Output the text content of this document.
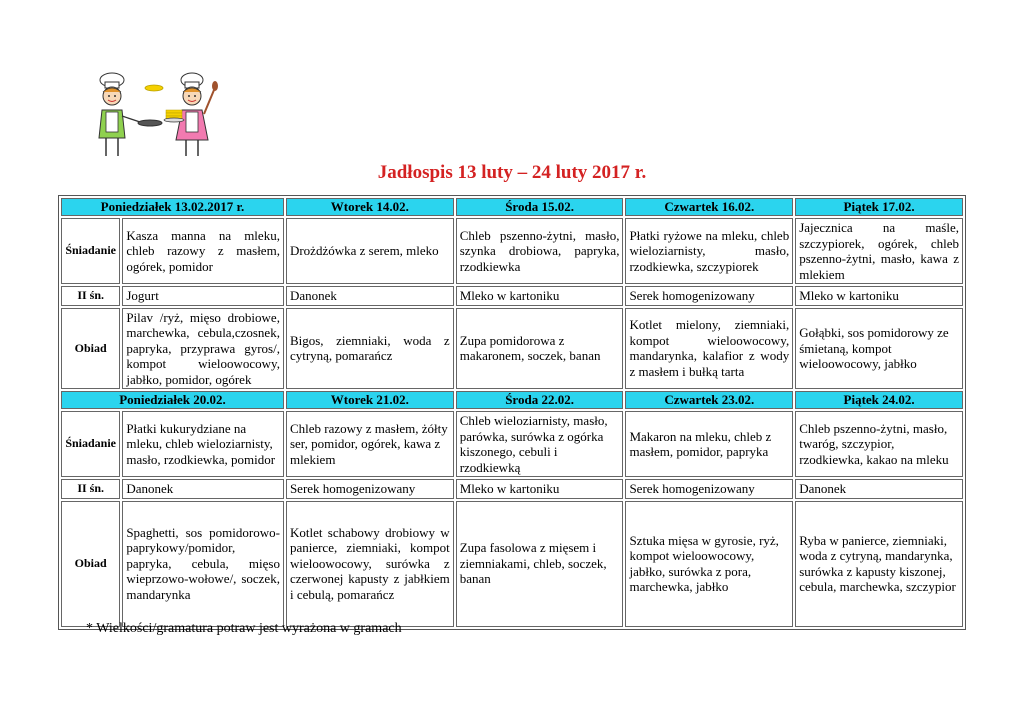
Jadłospis 13 luty – 24 luty 2017 r.
Poniedziałek 13.02.2017 r.		Wtorek 14.02.	Środa 15.02.	Czwartek 16.02.	Piątek 17.02.
Śniadanie	Kasza manna na mleku, chleb razowy z masłem, ogórek, pomidor	Drożdżówka z serem, mleko	Chleb pszenno-żytni, masło, szynka drobiowa, papryka, rzodkiewka	Płatki ryżowe na mleku, chleb wieloziarnisty, masło, rzodkiewka, szczypiorek	Jajecznica na maśle, szczypiorek, ogórek, chleb pszenno-żytni, masło, kawa z mlekiem
II śn.	Jogurt	Danonek	Mleko w kartoniku	Serek homogenizowany	Mleko w kartoniku
Obiad	Pilav /ryż, mięso drobiowe, marchewka, cebula,czosnek, papryka, przyprawa gyros/, kompot wieloowocowy, jabłko, pomidor, ogórek	Bigos, ziemniaki, woda z cytryną, pomarańcz	Zupa pomidorowa z makaronem, soczek, banan	Kotlet mielony, ziemniaki, kompot wieloowocowy, mandarynka, kalafior z wody z masłem i bułką tarta	Gołąbki, sos pomidorowy ze śmietaną, kompot wieloowocowy, jabłko
Poniedziałek 20.02.		Wtorek 21.02.	Środa 22.02.	Czwartek 23.02.	Piątek 24.02.
Śniadanie	Płatki kukurydziane na mleku, chleb wieloziarnisty, masło, rzodkiewka, pomidor	Chleb razowy z masłem, żółty ser, pomidor, ogórek, kawa z mlekiem	Chleb wieloziarnisty, masło, parówka, surówka z ogórka kiszonego, cebuli i rzodkiewką	Makaron na mleku, chleb z masłem, pomidor, papryka	Chleb pszenno-żytni, masło, twaróg, szczypior, rzodkiewka, kakao na mleku
II śn.	Danonek	Serek homogenizowany	Mleko w kartoniku	Serek homogenizowany	Danonek
Obiad	Spaghetti, sos pomidorowo-paprykowy/pomidor, papryka, cebula, mięso wieprzowo-wołowe/, soczek, mandarynka	Kotlet schabowy drobiowy w panierce, ziemniaki, kompot wieloowocowy, surówka z czerwonej kapusty z jabłkiem i cebulą, pomarańcz	Zupa fasolowa z mięsem i ziemniakami, chleb, soczek, banan	Sztuka mięsa w gyrosie, ryż, kompot wieloowocowy, jabłko, surówka z pora, marchewka, jabłko	Ryba w panierce, ziemniaki, woda z cytryną, mandarynka, surówka z kapusty kiszonej, cebula, marchewka, szczypior
* Wielkości/gramatura potraw jest wyrażona w gramach
